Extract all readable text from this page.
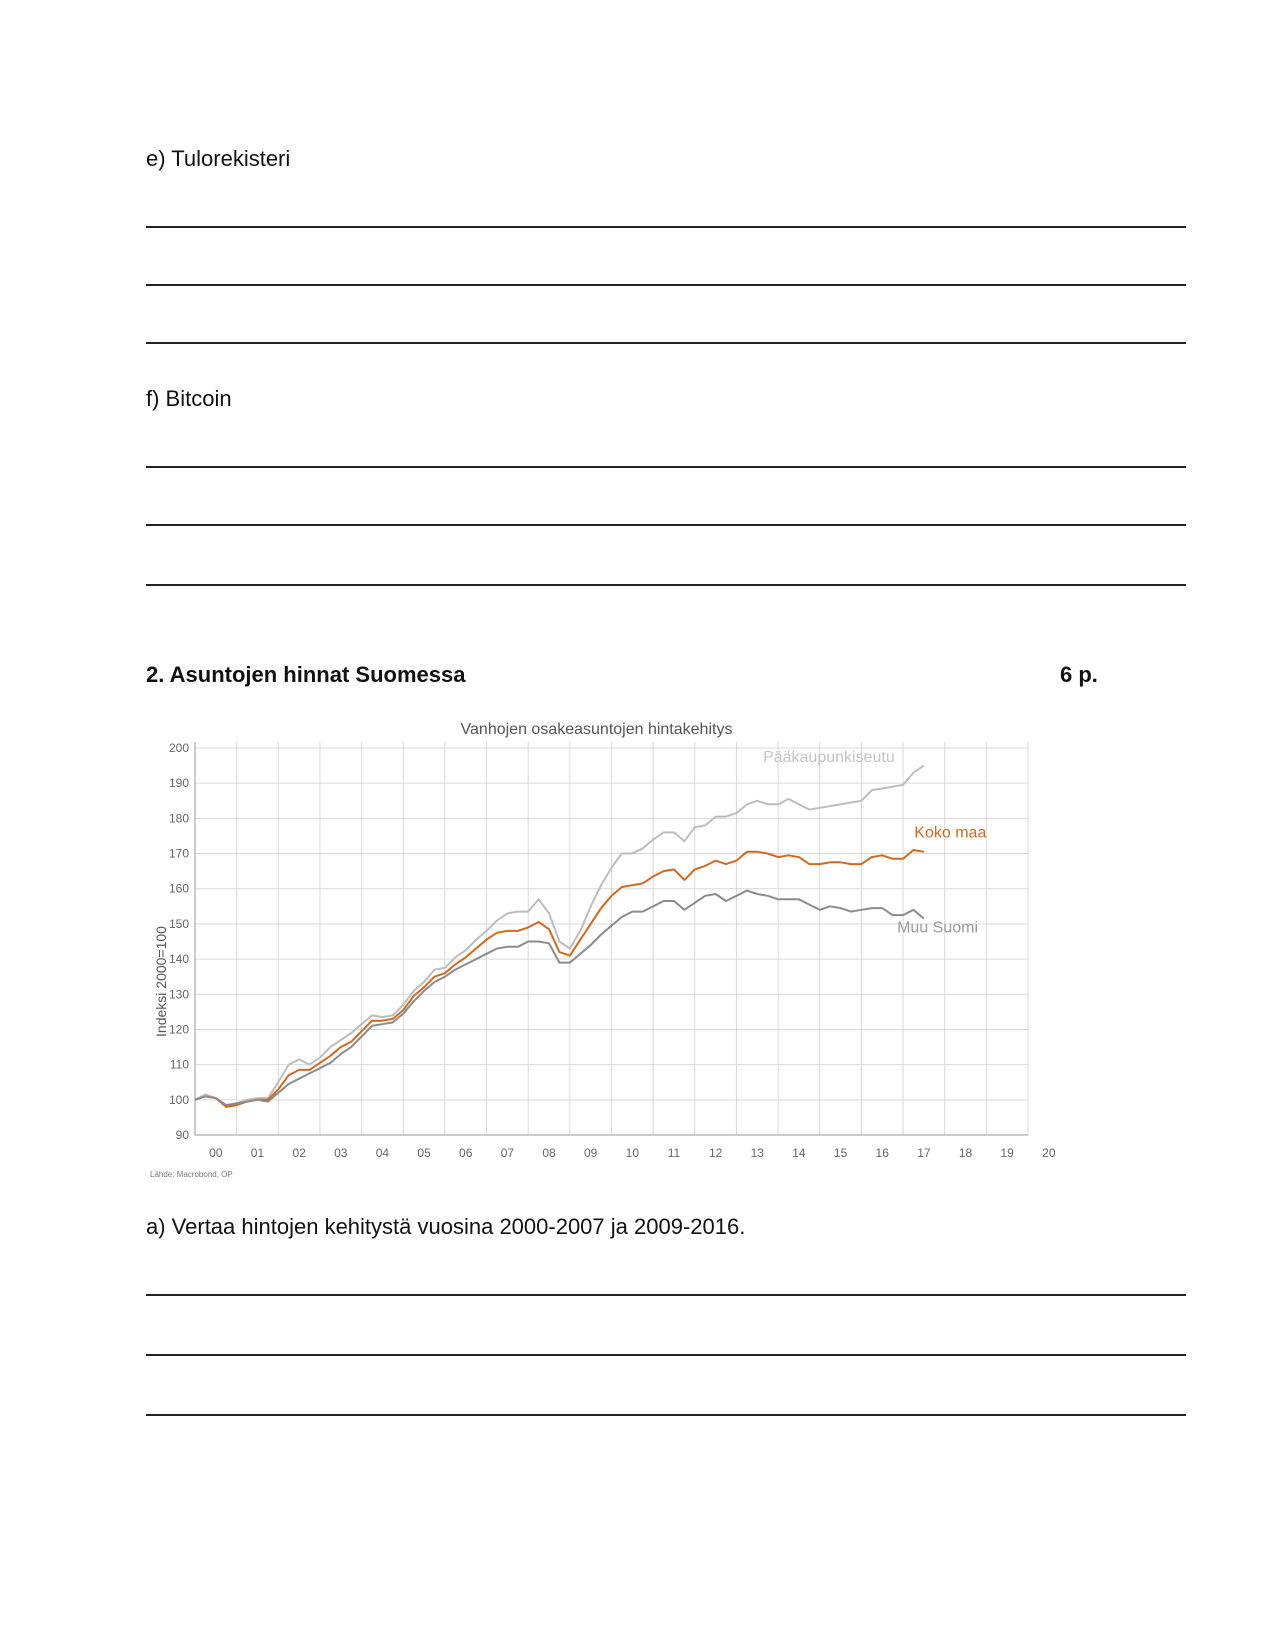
e) Tulorekisteri
f) Bitcoin
2. Asuntojen hinnat Suomessa	6 p.
90
100
110
120
130
140
150
160
170
180
190
200
00 01 02 03 04 05 06 07 08 09 10 11 12 13 14 15 16 17 18 19 20
Vanhojen osakeasuntojen hintakehitys
Indeksi 2000=100
Lähde: Macrobond, OP
Pääkaupunkiseutu
Koko maa
Muu Suomi
a) Vertaa hintojen kehitystä vuosina 2000-2007 ja 2009-2016.
